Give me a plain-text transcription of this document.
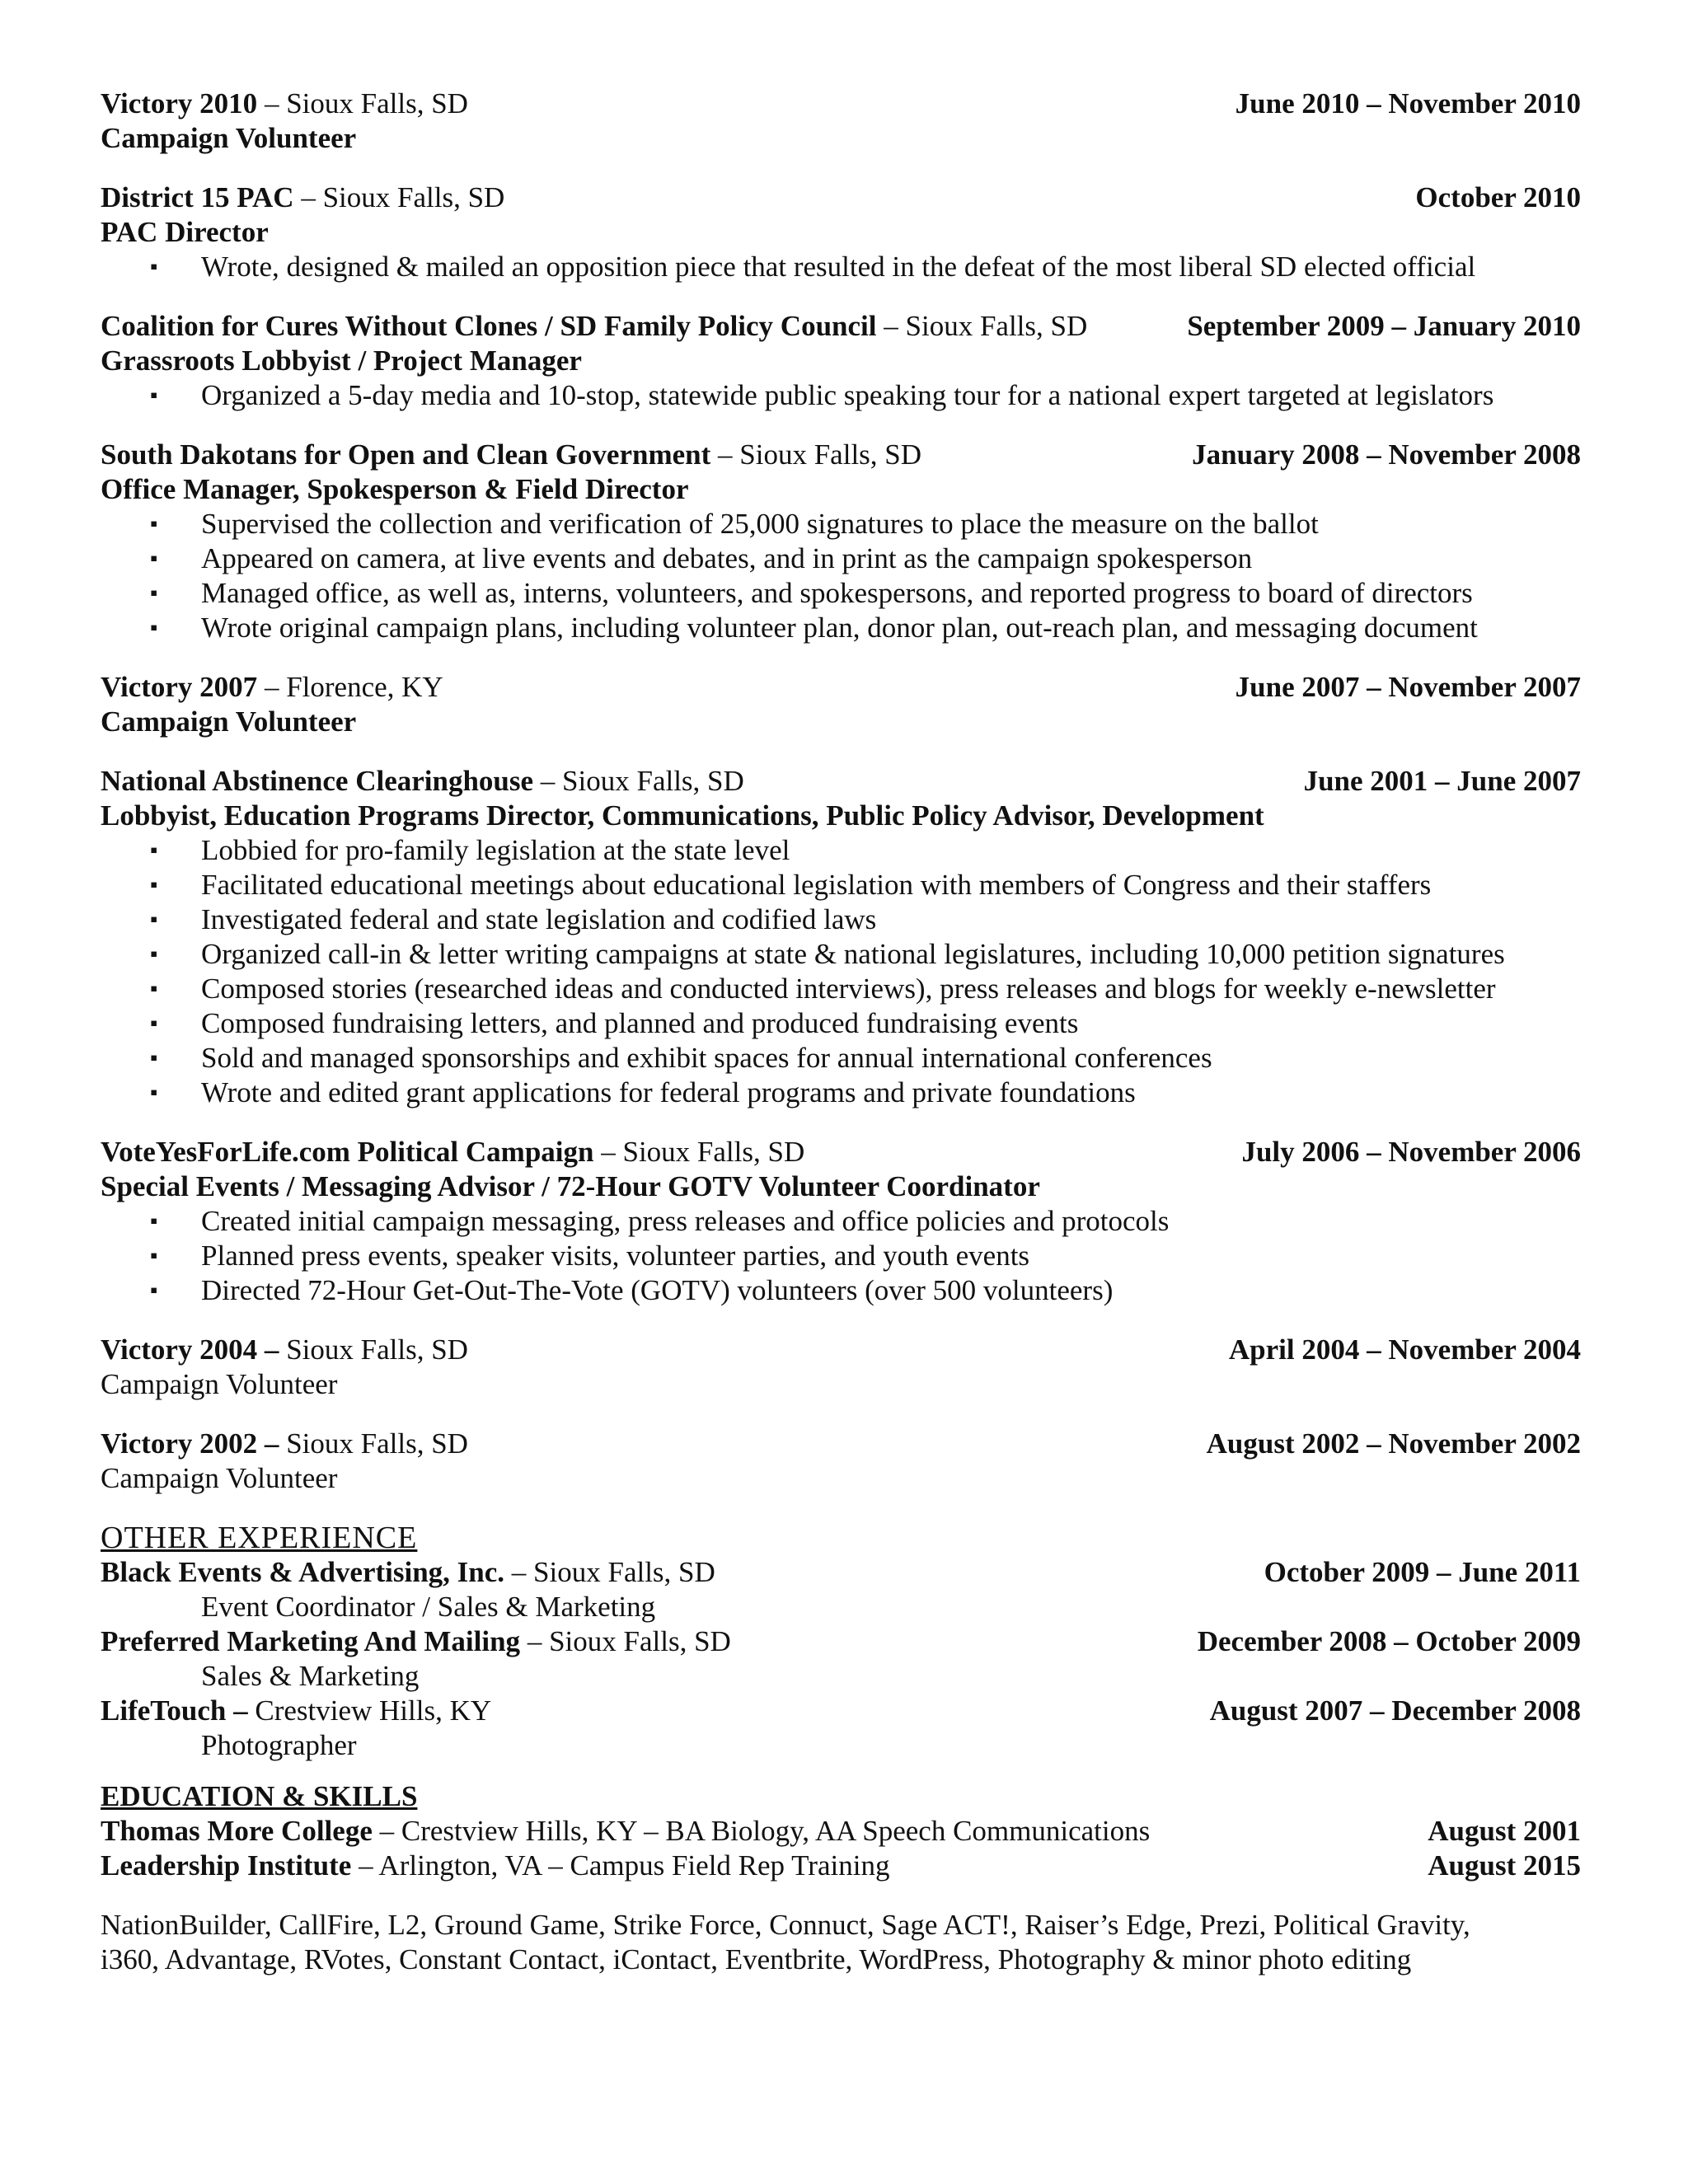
Victory 2010 – Sioux Falls, SD	June 2010 – November 2010
Campaign Volunteer
District 15 PAC – Sioux Falls, SD	October 2010
PAC Director
▪ Wrote, designed & mailed an opposition piece that resulted in the defeat of the most liberal SD elected official
Coalition for Cures Without Clones / SD Family Policy Council – Sioux Falls, SD	September 2009 – January 2010
Grassroots Lobbyist / Project Manager
▪ Organized a 5-day media and 10-stop, statewide public speaking tour for a national expert targeted at legislators
South Dakotans for Open and Clean Government – Sioux Falls, SD	January 2008 – November 2008
Office Manager, Spokesperson & Field Director
▪ Supervised the collection and verification of 25,000 signatures to place the measure on the ballot
▪ Appeared on camera, at live events and debates, and in print as the campaign spokesperson
▪ Managed office, as well as, interns, volunteers, and spokespersons, and reported progress to board of directors
▪ Wrote original campaign plans, including volunteer plan, donor plan, out-reach plan, and messaging document
Victory 2007 – Florence, KY	June 2007 – November 2007
Campaign Volunteer
National Abstinence Clearinghouse – Sioux Falls, SD	June 2001 – June 2007
Lobbyist, Education Programs Director, Communications, Public Policy Advisor, Development
▪ Lobbied for pro-family legislation at the state level
▪ Facilitated educational meetings about educational legislation with members of Congress and their staffers
▪ Investigated federal and state legislation and codified laws
▪ Organized call-in & letter writing campaigns at state & national legislatures, including 10,000 petition signatures
▪ Composed stories (researched ideas and conducted interviews), press releases and blogs for weekly e-newsletter
▪ Composed fundraising letters, and planned and produced fundraising events
▪ Sold and managed sponsorships and exhibit spaces for annual international conferences
▪ Wrote and edited grant applications for federal programs and private foundations
VoteYesForLife.com Political Campaign – Sioux Falls, SD	July 2006 – November 2006
Special Events / Messaging Advisor / 72-Hour GOTV Volunteer Coordinator
▪ Created initial campaign messaging, press releases and office policies and protocols
▪ Planned press events, speaker visits, volunteer parties, and youth events
▪ Directed 72-Hour Get-Out-The-Vote (GOTV) volunteers (over 500 volunteers)
Victory 2004 – Sioux Falls, SD	April 2004 – November 2004
Campaign Volunteer
Victory 2002 – Sioux Falls, SD	August 2002 – November 2002
Campaign Volunteer
OTHER EXPERIENCE
Black Events & Advertising, Inc. – Sioux Falls, SD	October 2009 – June 2011
Event Coordinator / Sales & Marketing
Preferred Marketing And Mailing – Sioux Falls, SD	December 2008 – October 2009
Sales & Marketing
LifeTouch – Crestview Hills, KY	August 2007 – December 2008
Photographer
EDUCATION & SKILLS
Thomas More College – Crestview Hills, KY – BA Biology, AA Speech Communications	August 2001
Leadership Institute – Arlington, VA – Campus Field Rep Training	August 2015
NationBuilder, CallFire, L2, Ground Game, Strike Force, Connuct, Sage ACT!, Raiser’s Edge, Prezi, Political Gravity,
i360, Advantage, RVotes, Constant Contact, iContact, Eventbrite, WordPress, Photography & minor photo editing
